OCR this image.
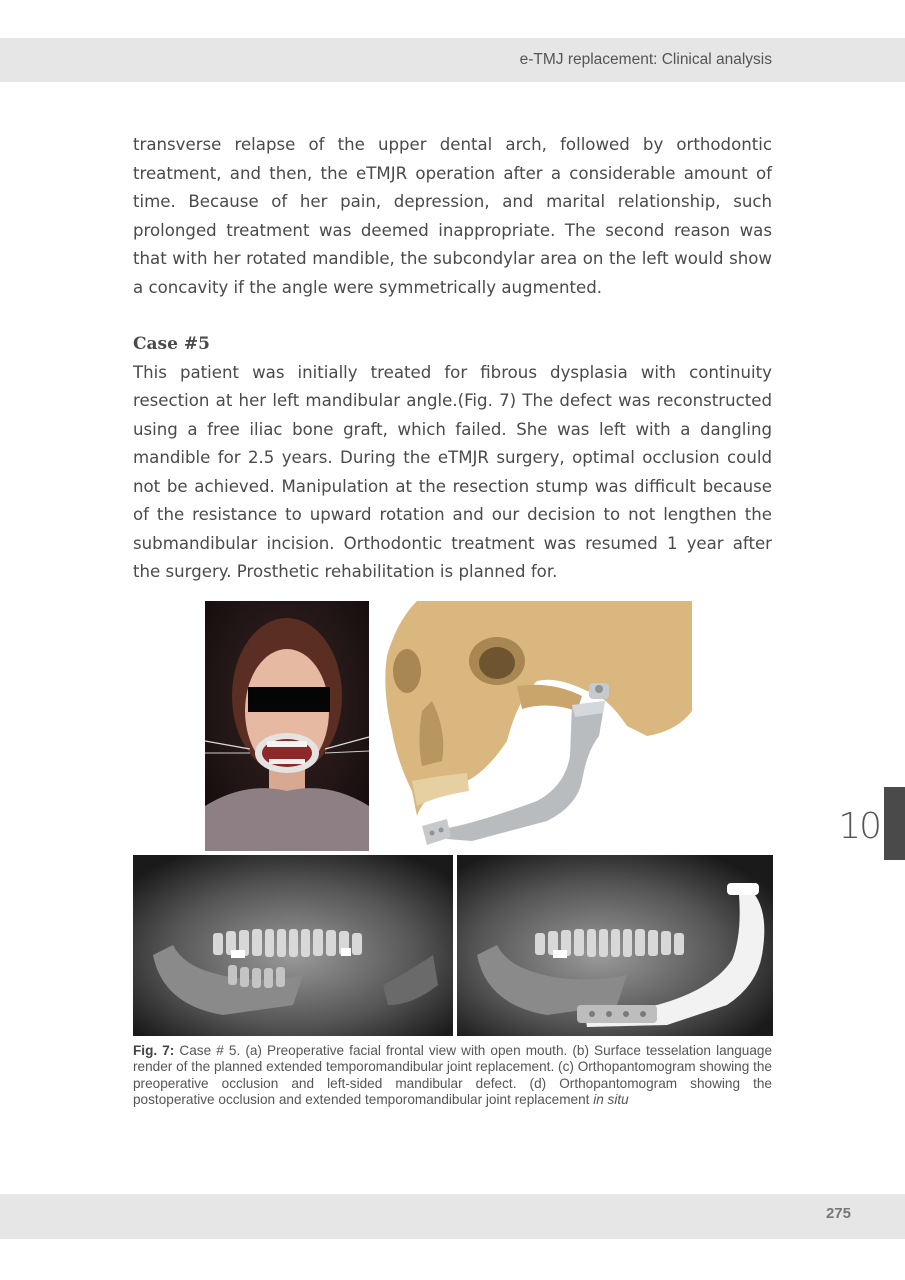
e-TMJ replacement: Clinical analysis

transverse relapse of the upper dental arch, followed by orthodontic treatment, and then, the eTMJR operation after a considerable amount of time. Because of her pain, depression, and marital relationship, such prolonged treatment was deemed inappropriate. The second reason was that with her rotated mandible, the subcondylar area on the left would show a concavity if the angle were symmetrically augmented.

Case #5

This patient was initially treated for fibrous dysplasia with continuity resection at her left mandibular angle.(Fig. 7) The defect was reconstructed using a free iliac bone graft, which failed. She was left with a dangling mandible for 2.5 years. During the eTMJR surgery, optimal occlusion could not be achieved. Manipulation at the resection stump was difficult because of the resistance to upward rotation and our decision to not lengthen the submandibular incision. Orthodontic treatment was resumed 1 year after the surgery. Prosthetic rehabilitation is planned for.

Fig. 7: Case # 5. (a) Preoperative facial frontal view with open mouth. (b) Surface tesselation language render of the planned extended temporomandibular joint replacement. (c) Orthopantomogram showing the preoperative occlusion and left-sided mandibular defect. (d) Orthopantomogram showing the postoperative occlusion and extended temporomandibular joint replacement in situ
10
275
